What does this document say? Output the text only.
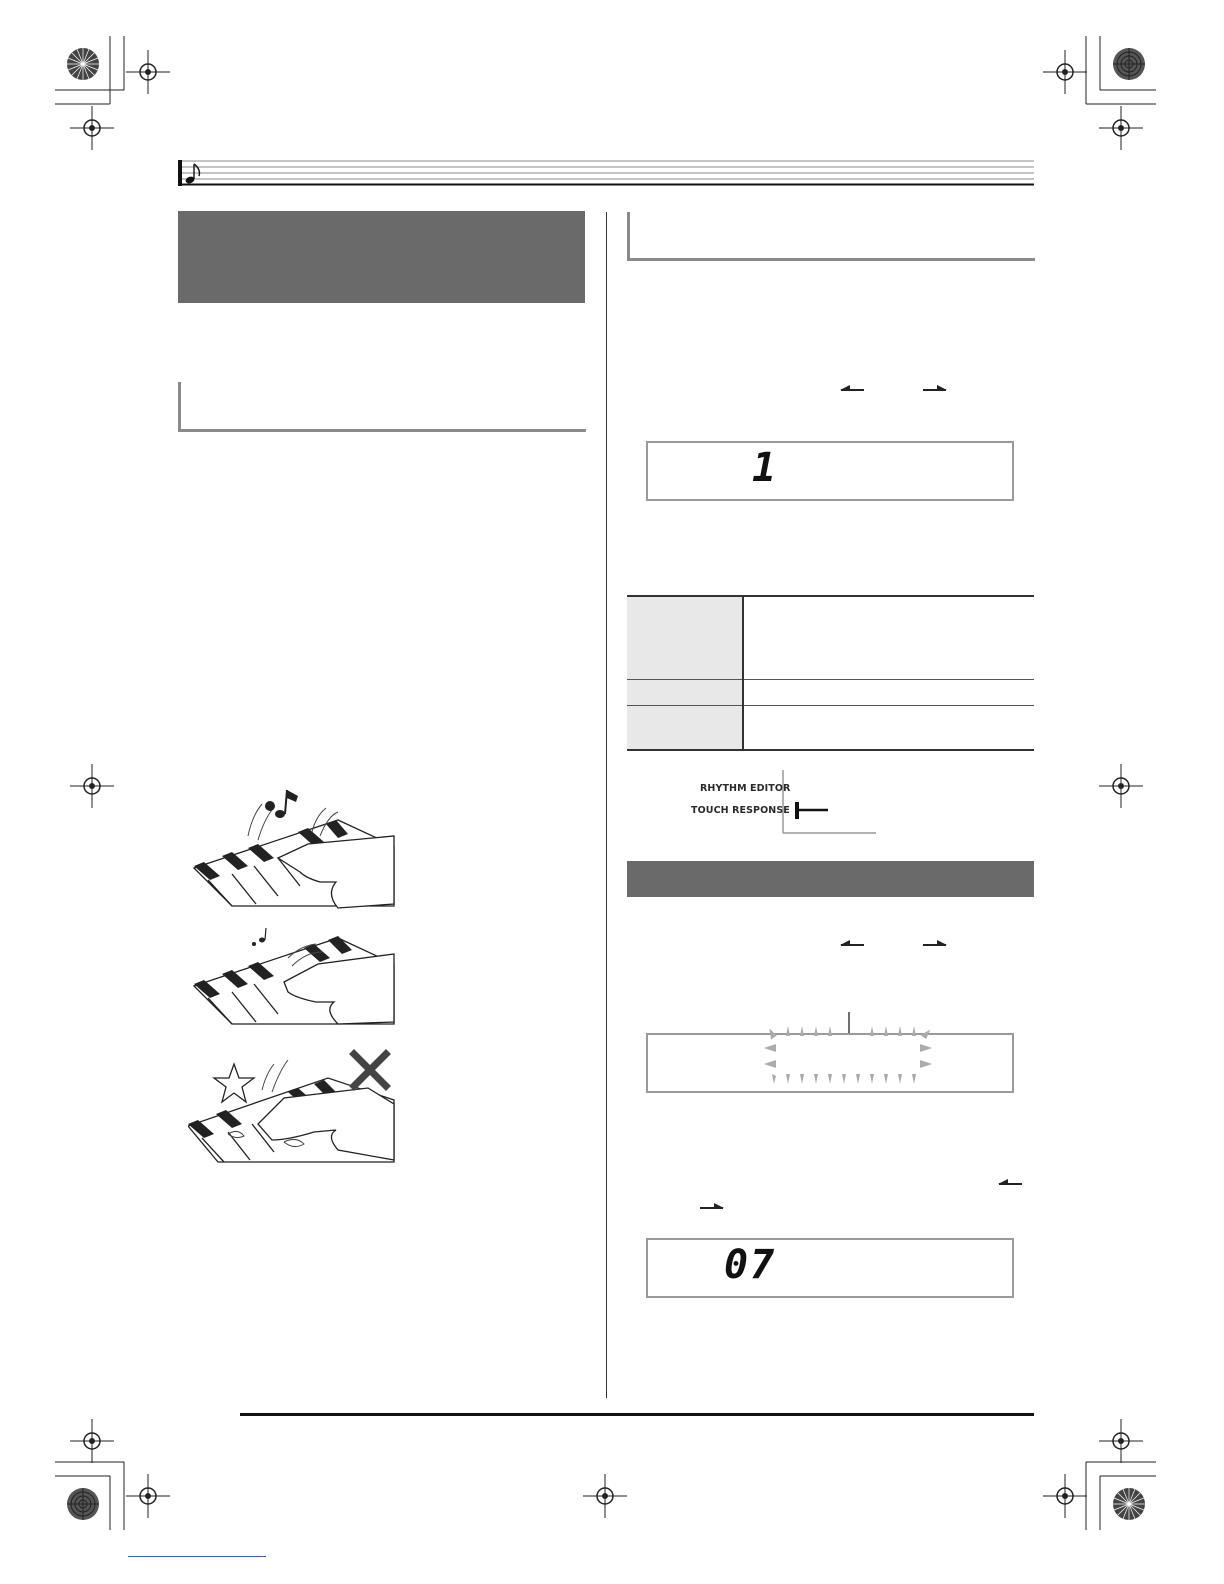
1

RHYTHM EDITOR
TOUCH RESPONSE
07
